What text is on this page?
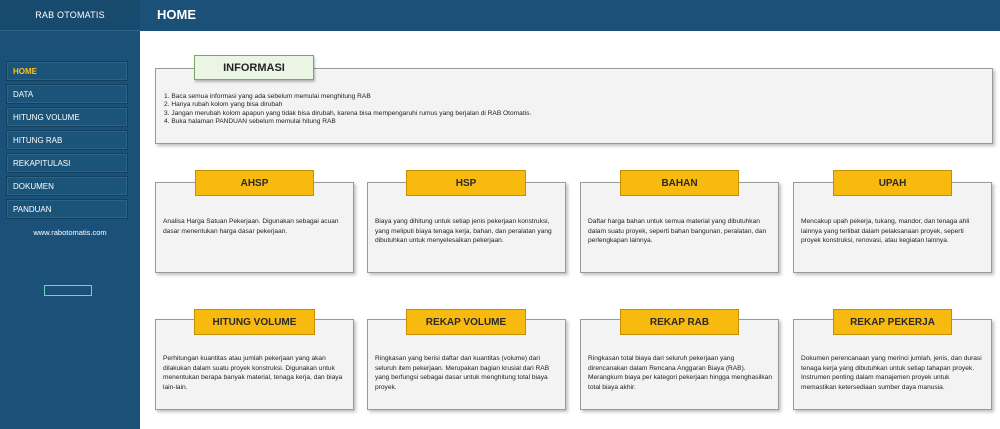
RAB OTOMATIS
HOME
DATA
HITUNG VOLUME
HITUNG RAB
REKAPITULASI
DOKUMEN
PANDUAN
www.rabotomatis.com
HOME
1. Baca semua informasi yang ada sebelum memulai menghitung RAB
2. Hanya rubah kolom yang bisa dirubah
3. Jangan merubah kolom apapun yang tidak bisa dirubah, karena bisa mempengaruhi rumus yang berjalan di RAB Otomatis.
4. Buka halaman PANDUAN sebelum memulai hitung RAB
INFORMASI
Analisa Harga Satuan Pekerjaan. Digunakan sebagai acuan dasar menentukan harga dasar pekerjaan.
AHSP
Biaya yang dihitung untuk setiap jenis pekerjaan konstruksi, yang meliputi biaya tenaga kerja, bahan, dan peralatan yang dibutuhkan untuk menyelesaikan pekerjaan.
HSP
Daftar harga bahan untuk semua material yang dibutuhkan dalam suatu proyek, seperti bahan bangunan, peralatan, dan perlengkapan lainnya.
BAHAN
Mencakup upah pekerja, tukang, mandor, dan tenaga ahli lainnya yang terlibat dalam pelaksanaan proyek, seperti proyek konstruksi, renovasi, atau kegiatan lainnya.
UPAH
Perhitungan kuantitas atau jumlah pekerjaan yang akan dilakukan dalam suatu proyek konstruksi. Digunakan untuk menentukan berapa banyak material, tenaga kerja, dan biaya lain-lain.
HITUNG VOLUME
Ringkasan yang berisi daftar dan kuantitas (volume) dari seluruh item pekerjaan. Merupakan bagian krusial dari RAB yang berfungsi sebagai dasar untuk menghitung total biaya proyek.
REKAP VOLUME
Ringkasan total biaya dari seluruh pekerjaan yang direncanakan dalam Rencana Anggaran Biaya (RAB). Merangkum biaya per kategori pekerjaan hingga menghasilkan total biaya akhir.
REKAP RAB
Dokumen perencanaan yang merinci jumlah, jenis, dan durasi tenaga kerja yang dibutuhkan untuk setiap tahapan proyek. Instrumen penting dalam manajemen proyek untuk memastikan ketersediaan sumber daya manusia.
REKAP PEKERJA
